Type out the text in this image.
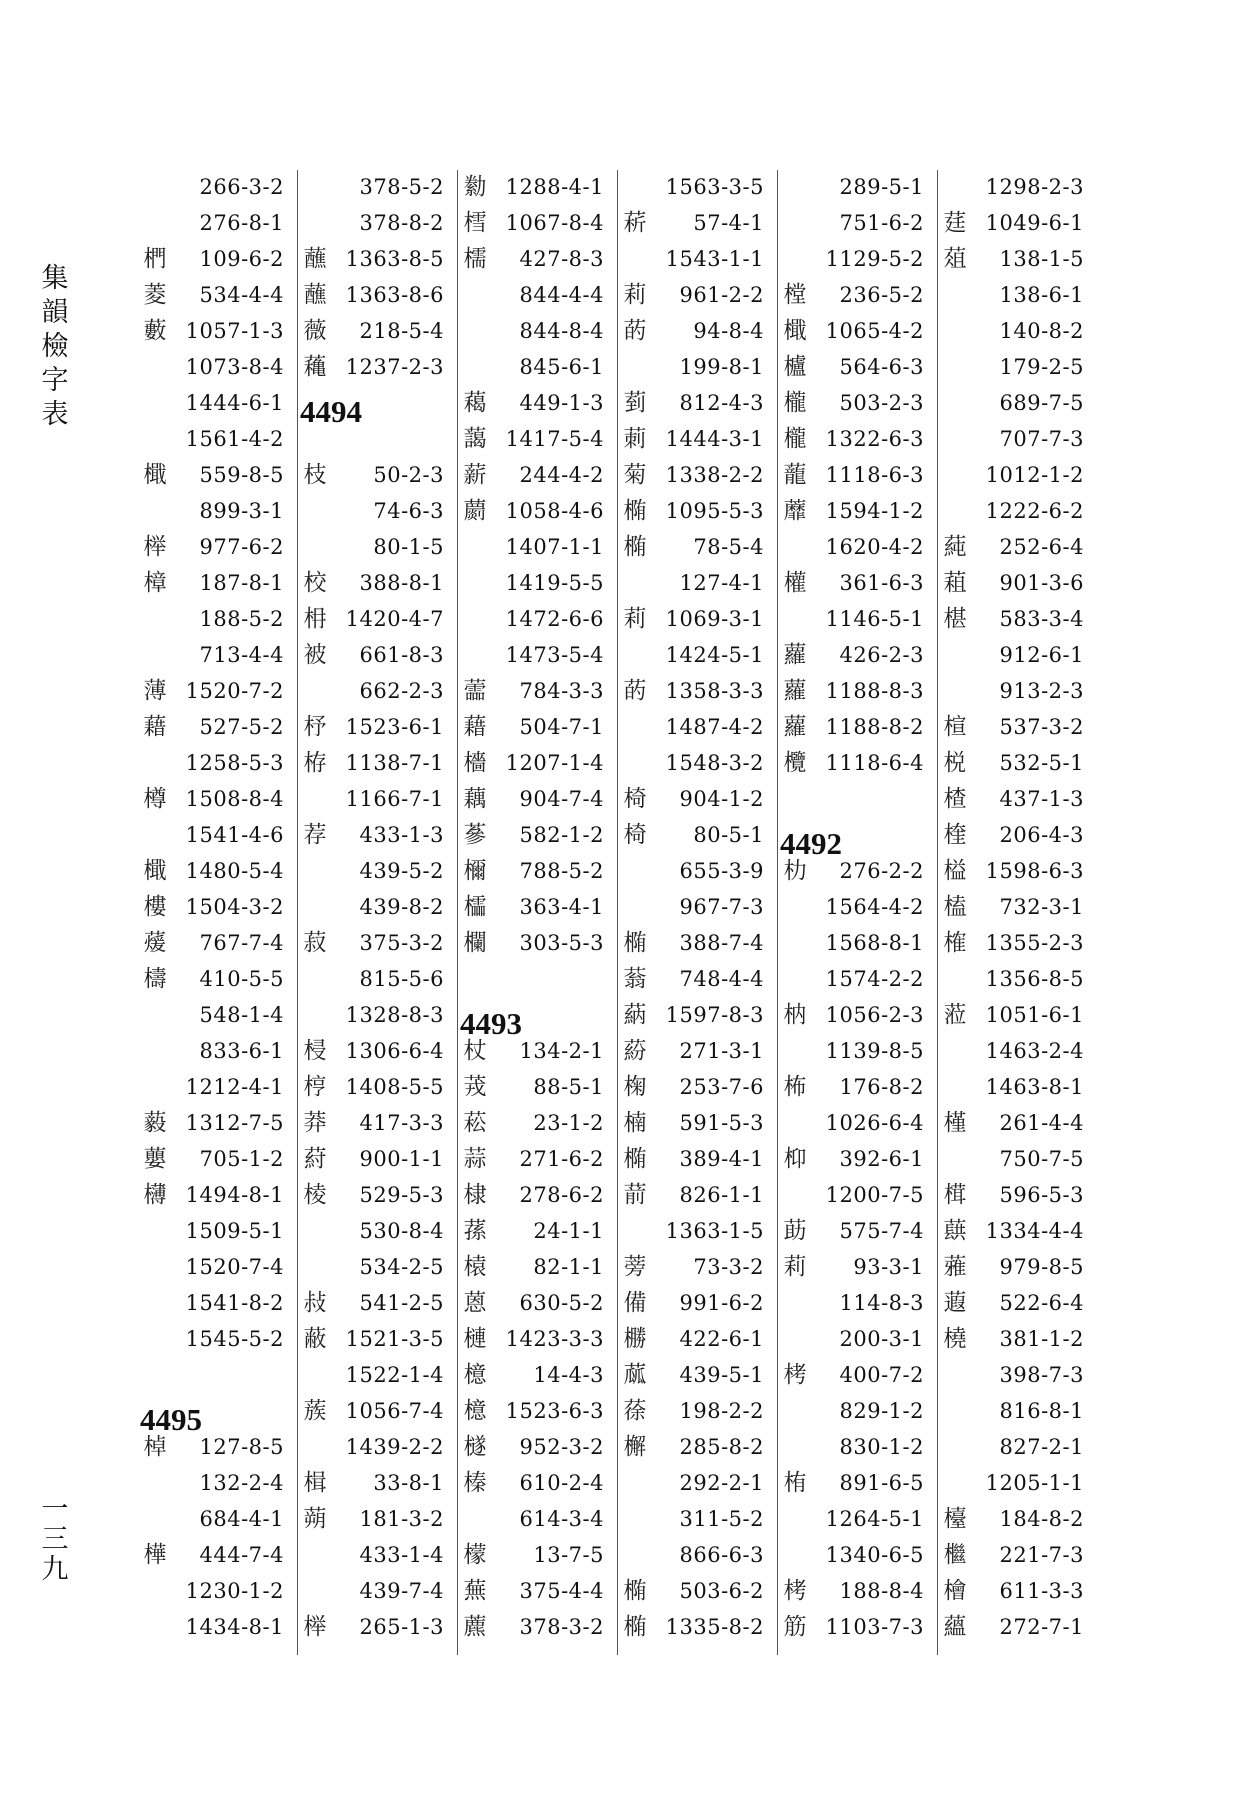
集
韻
檢
字
表
一
三
九
266-3-2
276-8-1
椚 109-6-2
菱 534-4-4
藪 1057-1-3
1073-8-4
1444-6-1
1561-4-2
檝 559-8-5
899-3-1
榉 977-6-2
樟 187-8-1
188-5-2
713-4-4
薄 1520-7-2
藉 527-5-2
1258-5-3
樽 1508-8-4
1541-4-6
檝 1480-5-4
樓 1504-3-2
蕿 767-7-4
檮 410-5-5
548-1-4
833-6-1
1212-4-1
藙 1312-7-5
蘡 705-1-2
欂 1494-8-1
1509-5-1
1520-7-4
1541-8-2
1545-5-2
4495
棹 127-8-5
132-2-4
684-4-1
樺 444-7-4
1230-1-2
1434-8-1
378-5-2
378-8-2
蘸 1363-8-5
蘸 1363-8-6
薇 218-5-4
蘒 1237-2-3
4494
枝 50-2-3
74-6-3
80-1-5
校 388-8-1
枏 1420-4-7
被 661-8-3
662-2-3
杼 1523-6-1
栫 1138-7-1
1166-7-1
荐 433-1-3
439-5-2
439-8-2
菽 375-3-2
815-5-6
1328-8-3
梫 1306-6-4
梈 1408-5-5
莽 417-3-3
葤 900-1-1
棱 529-5-3
530-8-4
534-2-5
敊 541-2-5
蔽 1521-3-5
1522-1-4
蔟 1056-7-4
1439-2-2
楫 33-8-1
蒴 181-3-2
433-1-4
439-7-4
榉 265-1-3
勬 1288-4-1
樰 1067-8-4
檽 427-8-3
844-4-4
844-8-4
845-6-1
藒 449-1-3
藹 1417-5-4
薪 244-4-2
蘮 1058-4-6
1407-1-1
1419-5-5
1472-6-6
1473-5-4
蘦 784-3-3
藉 504-7-1
檣 1207-1-4
藕 904-7-4
蔘 582-1-2
檷 788-5-2
櫺 363-4-1
欄 303-5-3
4493
杖 134-2-1
茙 88-5-1
菘 23-1-2
蒜 271-6-2
棣 278-6-2
蓀 24-1-1
榬 82-1-1
蒽 630-5-2
槤 1423-3-3
檍 14-4-3
檍 1523-6-3
檖 952-3-2
榛 610-2-4
614-3-4
檬 13-7-5
蕪 375-4-4
藨 378-3-2
1563-3-5
菥 57-4-1
1543-1-1
莉 961-2-2
菂 94-8-4
199-8-1
菿 812-4-3
莿 1444-3-1
菊 1338-2-2
椭 1095-5-3
椭 78-5-4
127-4-1
莉 1069-3-1
1424-5-1
菂 1358-3-3
1487-4-2
1548-3-2
椅 904-1-2
椅 80-5-1
655-3-9
967-7-3
椭 388-7-4
蓊 748-4-4
蒳 1597-8-3
蒶 271-3-1
椈 253-7-6
楠 591-5-3
椭 389-4-1
葥 826-1-1
1363-1-5
蒡 73-3-2
備 991-6-2
橳 422-6-1
蓏 439-5-1
蒣 198-2-2
檞 285-8-2
292-2-1
311-5-2
866-6-3
椭 503-6-2
椭 1335-8-2
289-5-1
751-6-2
1129-5-2
樘 236-5-2
檝 1065-4-2
櫨 564-6-3
櫳 503-2-3
櫳 1322-6-3
蘢 1118-6-3
蘼 1594-1-2
1620-4-2
權 361-6-3
1146-5-1
蘿 426-2-3
蘿 1188-8-3
蘿 1188-8-2
欖 1118-6-4
4492
朸 276-2-2
1564-4-2
1568-8-1
1574-2-2
枘 1056-2-3
1139-8-5
柨 176-8-2
1026-6-4
枊 392-6-1
1200-7-5
莇 575-7-4
莉 93-3-1
114-8-3
200-3-1
栲 400-7-2
829-1-2
830-1-2
栯 891-6-5
1264-5-1
1340-6-5
栲 188-8-4
筋 1103-7-3
1298-2-3
莛 1049-6-1
葅 138-1-5
138-6-1
140-8-2
179-2-5
689-7-5
707-7-3
1012-1-2
1222-6-2
蒓 252-6-4
蒩 901-3-6
椹 583-3-4
912-6-1
913-2-3
楦 537-3-2
棁 532-5-1
楂 437-1-3
楏 206-4-3
榏 1598-6-3
榼 732-3-1
榷 1355-2-3
1356-8-5
蒞 1051-6-1
1463-2-4
1463-8-1
槿 261-4-4
750-7-5
榵 596-5-3
蕻 1334-4-4
蕥 979-8-5
蕸 522-6-4
橈 381-1-2
398-7-3
816-8-1
827-2-1
1205-1-1
檯 184-8-2
檵 221-7-3
檜 611-3-3
蘊 272-7-1
